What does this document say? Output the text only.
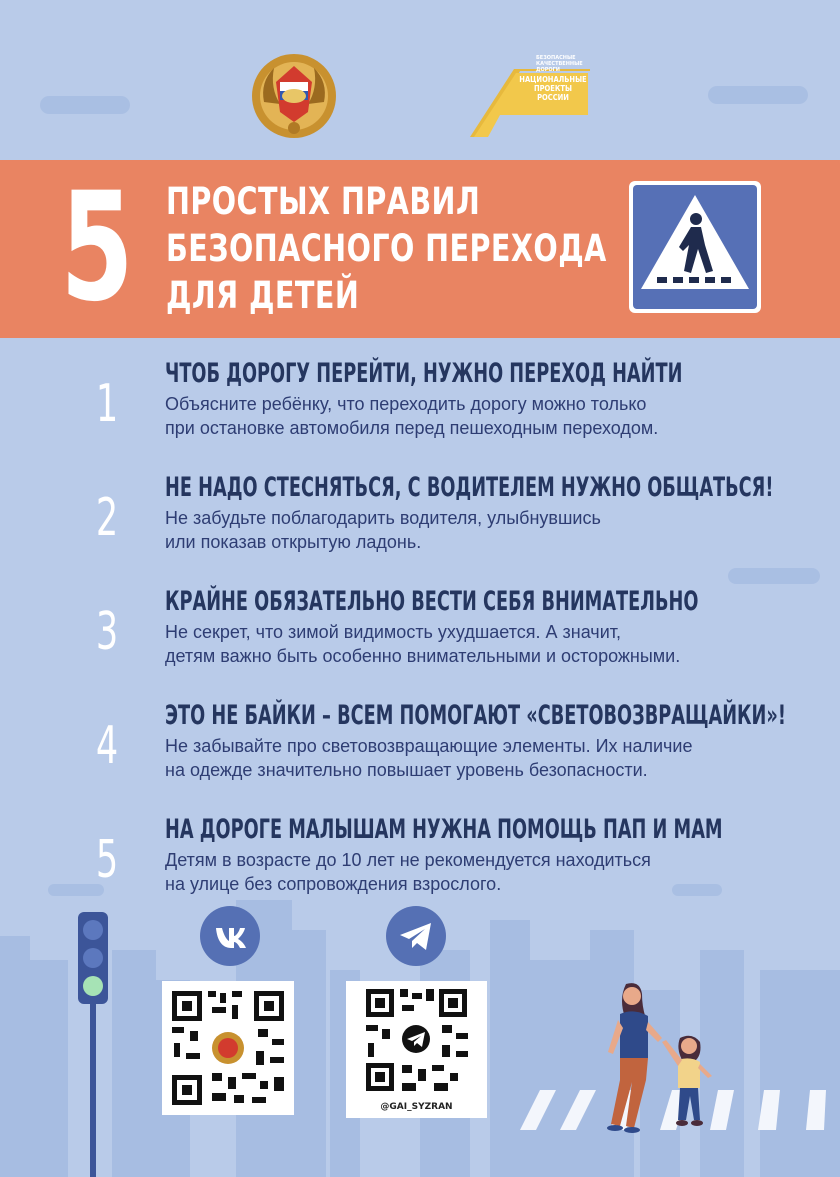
БЕЗОПАСНЫЕ КАЧЕСТВЕННЫЕ ДОРОГИ
НАЦИОНАЛЬНЫЕ
ПРОЕКТЫ
РОССИИ
5 ПРОСТЫХ ПРАВИЛ
БЕЗОПАСНОГО ПЕРЕХОДА
ДЛЯ ДЕТЕЙ
1
ЧТОБ ДОРОГУ ПЕРЕЙТИ, НУЖНО ПЕРЕХОД НАЙТИ
Объясните ребёнку, что переходить дорогу можно только
при остановке автомобиля перед пешеходным переходом.
2
НЕ НАДО СТЕСНЯТЬСЯ, С ВОДИТЕЛЕМ НУЖНО ОБЩАТЬСЯ!
Не забудьте поблагодарить водителя, улыбнувшись
или показав открытую ладонь.
3
КРАЙНЕ ОБЯЗАТЕЛЬНО ВЕСТИ СЕБЯ ВНИМАТЕЛЬНО
Не секрет, что зимой видимость ухудшается. А значит,
детям важно быть особенно внимательными и осторожными.
4
ЭТО НЕ БАЙКИ – ВСЕМ ПОМОГАЮТ «СВЕТОВОЗВРАЩАЙКИ»!
Не забывайте про световозвращающие элементы. Их наличие
на одежде значительно повышает уровень безопасности.
5
НА ДОРОГЕ МАЛЫШАМ НУЖНА ПОМОЩЬ ПАП И МАМ
Детям в возрасте до 10 лет не рекомендуется находиться
на улице без сопровождения взрослого.
@GAI_SYZRAN
